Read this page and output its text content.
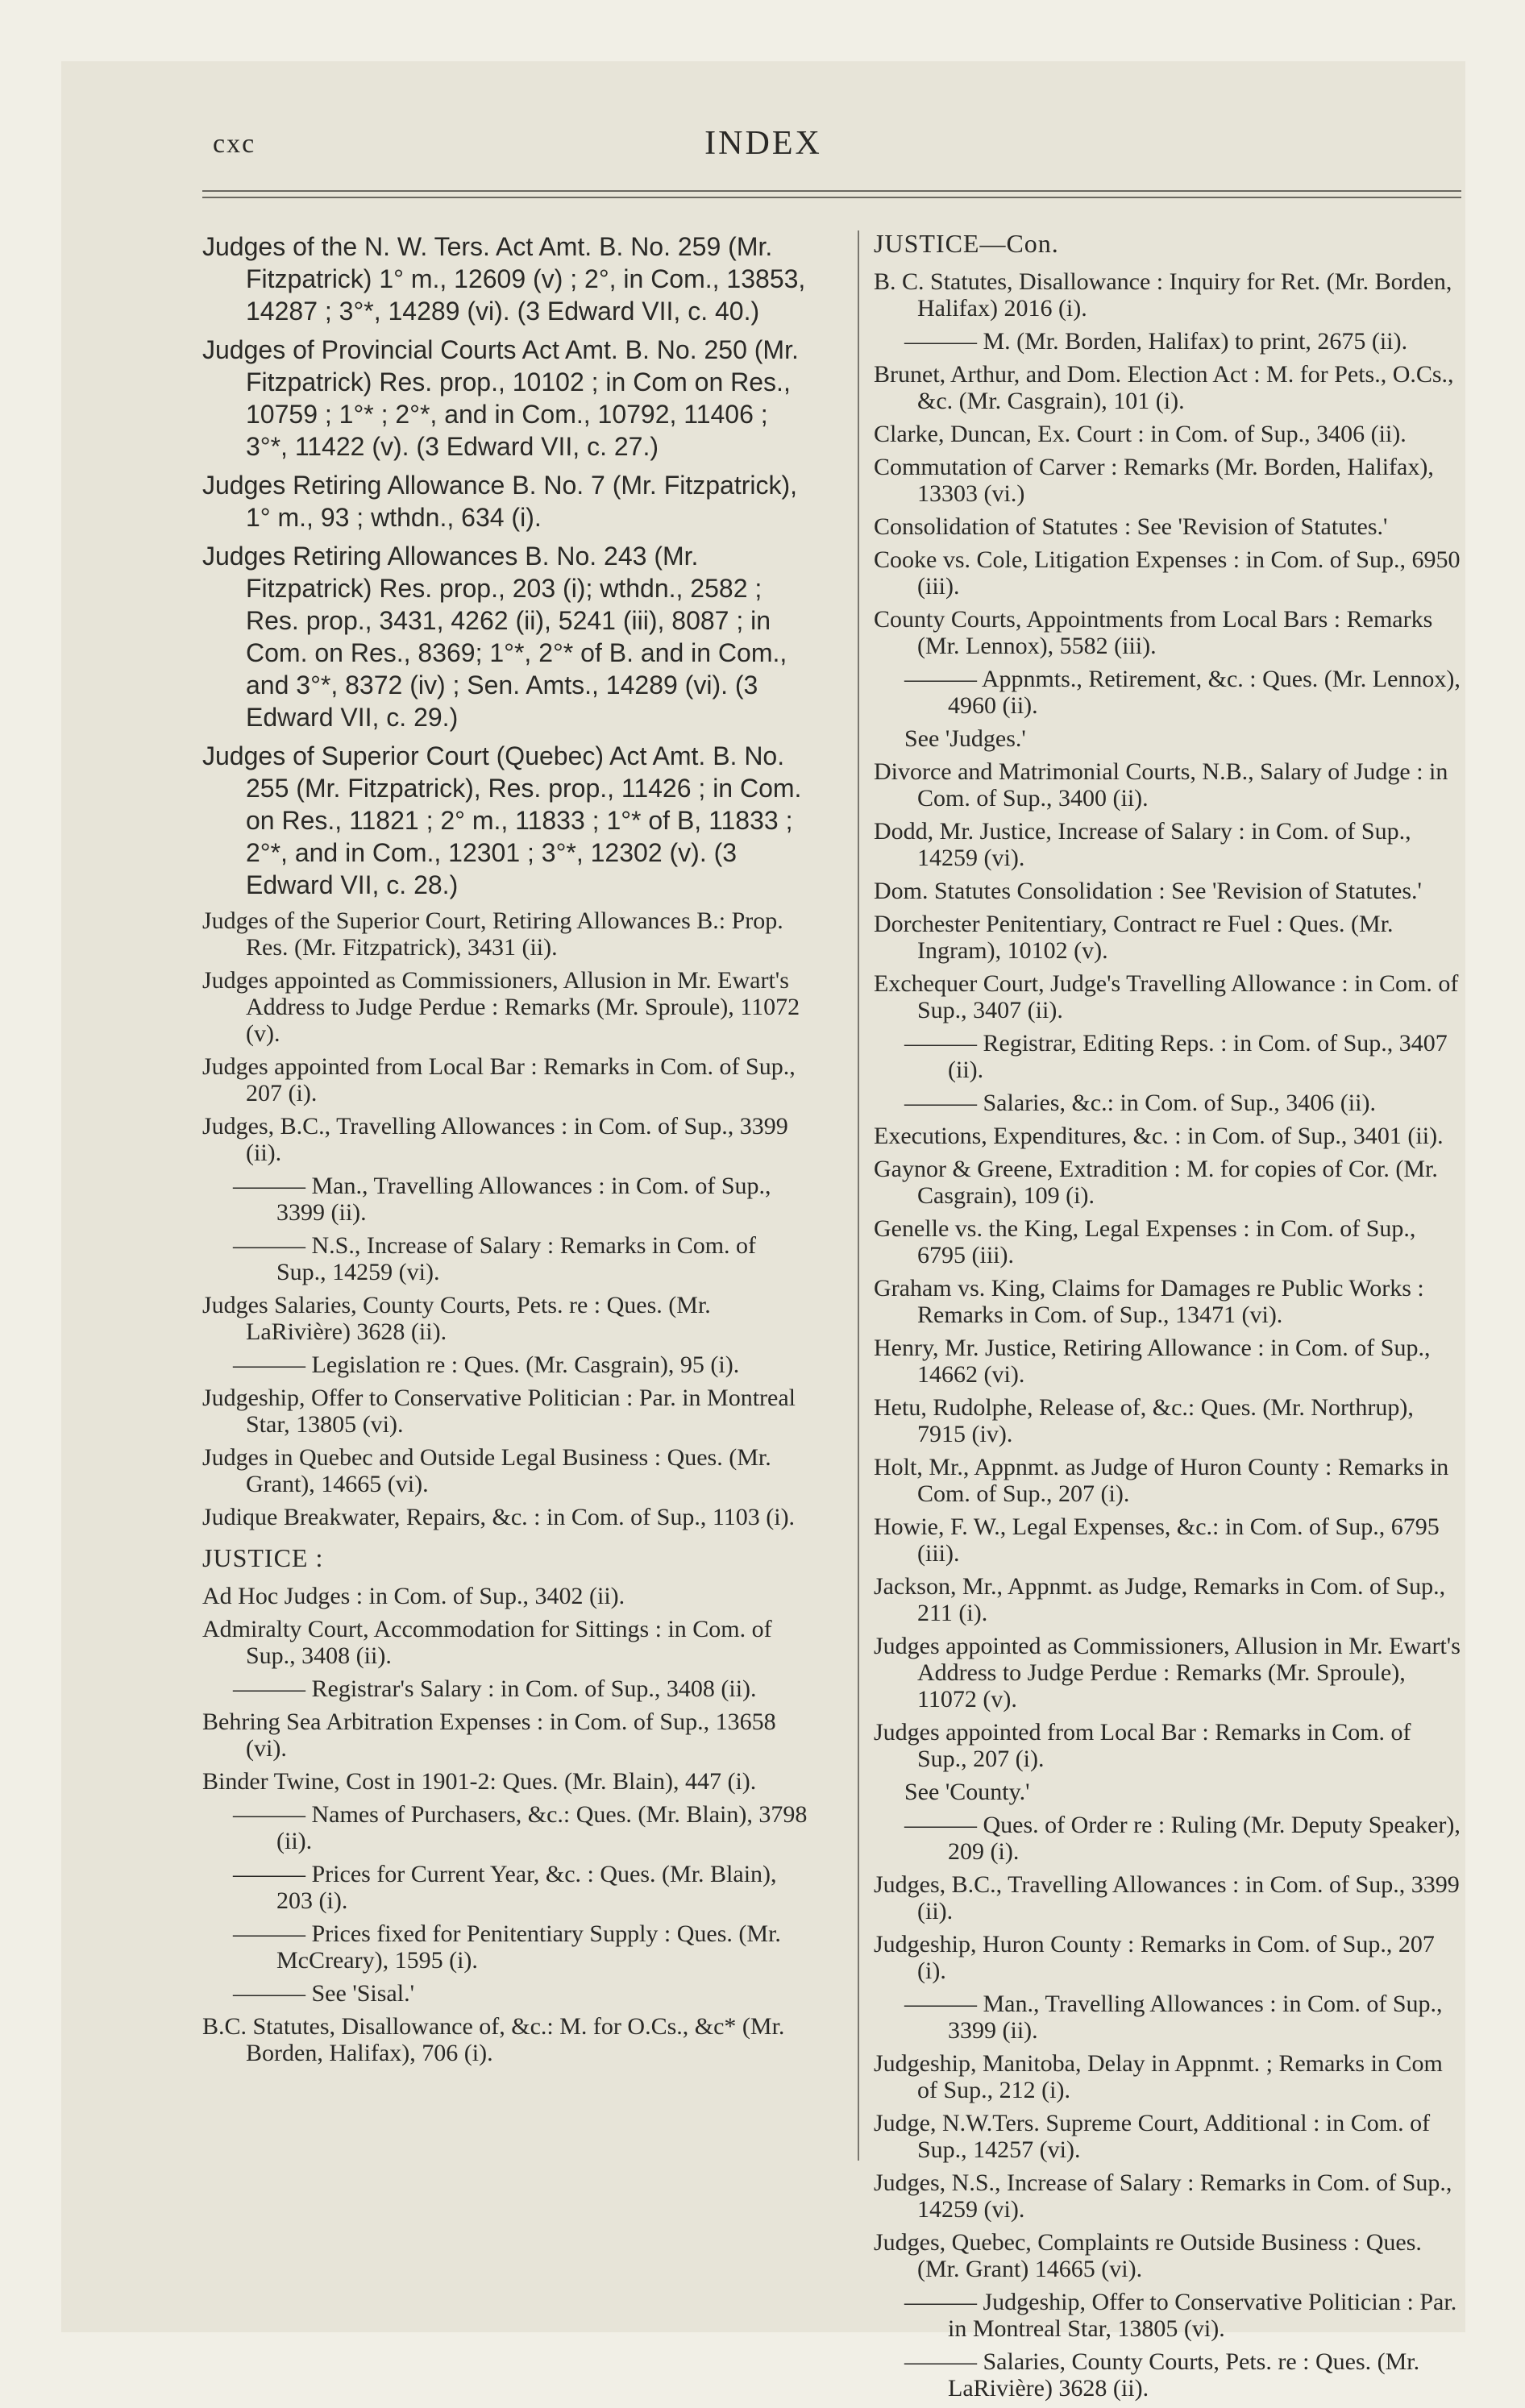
cxc	INDEX
Judges of the N. W. Ters. Act Amt. B. No. 259 (Mr. Fitzpatrick) 1° m., 12609 (v) ; 2°, in Com., 13853, 14287 ; 3°*, 14289 (vi). (3 Edward VII, c. 40.)
Judges of Provincial Courts Act Amt. B. No. 250 (Mr. Fitzpatrick) Res. prop., 10102 ; in Com on Res., 10759 ; 1°* ; 2°*, and in Com., 10792, 11406 ; 3°*, 11422 (v). (3 Edward VII, c. 27.)
Judges Retiring Allowance B. No. 7 (Mr. Fitzpatrick), 1° m., 93 ; wthdn., 634 (i).
Judges Retiring Allowances B. No. 243 (Mr. Fitzpatrick) Res. prop., 203 (i); wthdn., 2582 ; Res. prop., 3431, 4262 (ii), 5241 (iii), 8087 ; in Com. on Res., 8369; 1°*, 2°* of B. and in Com., and 3°*, 8372 (iv) ; Sen. Amts., 14289 (vi). (3 Edward VII, c. 29.)
Judges of Superior Court (Quebec) Act Amt. B. No. 255 (Mr. Fitzpatrick), Res. prop., 11426 ; in Com. on Res., 11821 ; 2° m., 11833 ; 1°* of B, 11833 ; 2°*, and in Com., 12301 ; 3°*, 12302 (v). (3 Edward VII, c. 28.)
Judges of the Superior Court, Retiring Allowances B.: Prop. Res. (Mr. Fitzpatrick), 3431 (ii).
Judges appointed as Commissioners, Allusion in Mr. Ewart's Address to Judge Perdue : Remarks (Mr. Sproule), 11072 (v).
Judges appointed from Local Bar : Remarks in Com. of Sup., 207 (i).
Judges, B.C., Travelling Allowances : in Com. of Sup., 3399 (ii).
——— Man., Travelling Allowances : in Com. of Sup., 3399 (ii).
——— N.S., Increase of Salary : Remarks in Com. of Sup., 14259 (vi).
Judges Salaries, County Courts, Pets. re : Ques. (Mr. LaRivière) 3628 (ii).
——— Legislation re : Ques. (Mr. Casgrain), 95 (i).
Judgeship, Offer to Conservative Politician : Par. in Montreal Star, 13805 (vi).
Judges in Quebec and Outside Legal Business : Ques. (Mr. Grant), 14665 (vi).
Judique Breakwater, Repairs, &c. : in Com. of Sup., 1103 (i).
JUSTICE :
Ad Hoc Judges : in Com. of Sup., 3402 (ii).
Admiralty Court, Accommodation for Sittings : in Com. of Sup., 3408 (ii).
——— Registrar's Salary : in Com. of Sup., 3408 (ii).
Behring Sea Arbitration Expenses : in Com. of Sup., 13658 (vi).
Binder Twine, Cost in 1901-2: Ques. (Mr. Blain), 447 (i).
——— Names of Purchasers, &c.: Ques. (Mr. Blain), 3798 (ii).
——— Prices for Current Year, &c. : Ques. (Mr. Blain), 203 (i).
——— Prices fixed for Penitentiary Supply : Ques. (Mr. McCreary), 1595 (i).
——— See 'Sisal.'
B.C. Statutes, Disallowance of, &c.: M. for O.Cs., &c* (Mr. Borden, Halifax), 706 (i).
JUSTICE—Con.
B. C. Statutes, Disallowance : Inquiry for Ret. (Mr. Borden, Halifax) 2016 (i).
——— M. (Mr. Borden, Halifax) to print, 2675 (ii).
Brunet, Arthur, and Dom. Election Act : M. for Pets., O.Cs., &c. (Mr. Casgrain), 101 (i).
Clarke, Duncan, Ex. Court : in Com. of Sup., 3406 (ii).
Commutation of Carver : Remarks (Mr. Borden, Halifax), 13303 (vi.)
Consolidation of Statutes : See 'Revision of Statutes.'
Cooke vs. Cole, Litigation Expenses : in Com. of Sup., 6950 (iii).
County Courts, Appointments from Local Bars : Remarks (Mr. Lennox), 5582 (iii).
——— Appnmts., Retirement, &c. : Ques. (Mr. Lennox), 4960 (ii).
See 'Judges.'
Divorce and Matrimonial Courts, N.B., Salary of Judge : in Com. of Sup., 3400 (ii).
Dodd, Mr. Justice, Increase of Salary : in Com. of Sup., 14259 (vi).
Dom. Statutes Consolidation : See 'Revision of Statutes.'
Dorchester Penitentiary, Contract re Fuel : Ques. (Mr. Ingram), 10102 (v).
Exchequer Court, Judge's Travelling Allowance : in Com. of Sup., 3407 (ii).
——— Registrar, Editing Reps. : in Com. of Sup., 3407 (ii).
——— Salaries, &c.: in Com. of Sup., 3406 (ii).
Executions, Expenditures, &c. : in Com. of Sup., 3401 (ii).
Gaynor & Greene, Extradition : M. for copies of Cor. (Mr. Casgrain), 109 (i).
Genelle vs. the King, Legal Expenses : in Com. of Sup., 6795 (iii).
Graham vs. King, Claims for Damages re Public Works : Remarks in Com. of Sup., 13471 (vi).
Henry, Mr. Justice, Retiring Allowance : in Com. of Sup., 14662 (vi).
Hetu, Rudolphe, Release of, &c.: Ques. (Mr. Northrup), 7915 (iv).
Holt, Mr., Appnmt. as Judge of Huron County : Remarks in Com. of Sup., 207 (i).
Howie, F. W., Legal Expenses, &c.: in Com. of Sup., 6795 (iii).
Jackson, Mr., Appnmt. as Judge, Remarks in Com. of Sup., 211 (i).
Judges appointed as Commissioners, Allusion in Mr. Ewart's Address to Judge Perdue : Remarks (Mr. Sproule), 11072 (v).
Judges appointed from Local Bar : Remarks in Com. of Sup., 207 (i).
See 'County.'
——— Ques. of Order re : Ruling (Mr. Deputy Speaker), 209 (i).
Judges, B.C., Travelling Allowances : in Com. of Sup., 3399 (ii).
Judgeship, Huron County : Remarks in Com. of Sup., 207 (i).
——— Man., Travelling Allowances : in Com. of Sup., 3399 (ii).
Judgeship, Manitoba, Delay in Appnmt. ; Remarks in Com of Sup., 212 (i).
Judge, N.W.Ters. Supreme Court, Additional : in Com. of Sup., 14257 (vi).
Judges, N.S., Increase of Salary : Remarks in Com. of Sup., 14259 (vi).
Judges, Quebec, Complaints re Outside Business : Ques. (Mr. Grant) 14665 (vi).
——— Judgeship, Offer to Conservative Politician : Par. in Montreal Star, 13805 (vi).
——— Salaries, County Courts, Pets. re : Ques. (Mr. LaRivière) 3628 (ii).
